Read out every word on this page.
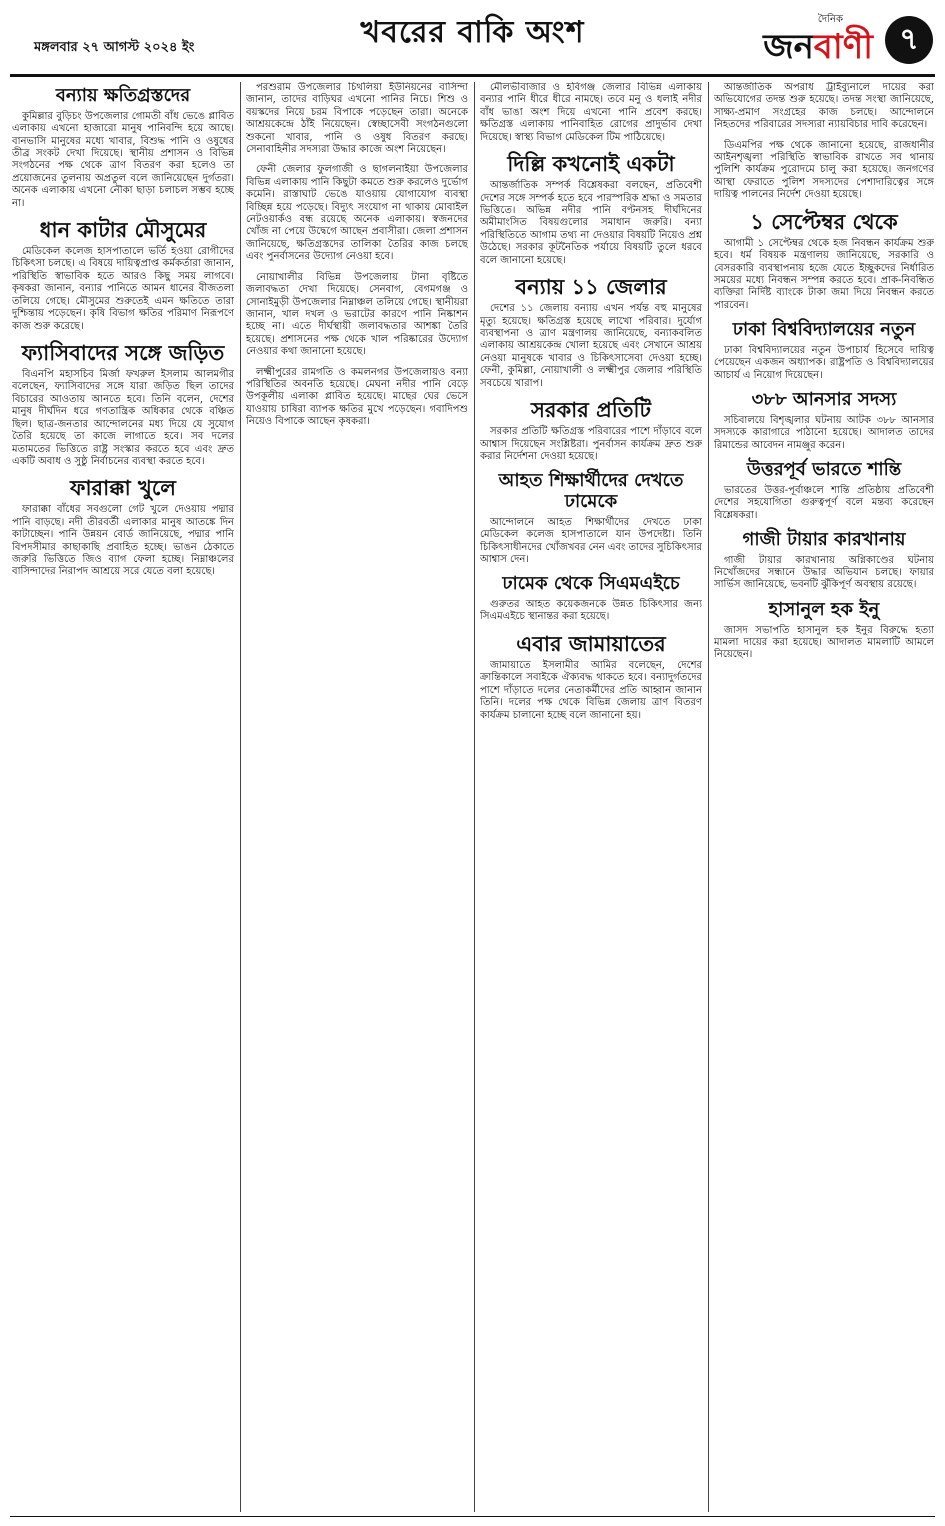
মঙ্গলবার ২৭ আগস্ট ২০২৪ ইং	খবরের বাকি অংশ	দৈনিক
জনবাণী ৭
বন্যায় ক্ষতিগ্রস্তদের
কুমিল্লার বুড়িচং উপজেলার গোমতী বাঁধ ভেঙে প্লাবিত এলাকায় এখনো হাজারো মানুষ পানিবন্দি হয়ে আছে। বানভাসি মানুষের মধ্যে খাবার, বিশুদ্ধ পানি ও ওষুধের তীব্র সংকট দেখা দিয়েছে। স্থানীয় প্রশাসন ও বিভিন্ন সংগঠনের পক্ষ থেকে ত্রাণ বিতরণ করা হলেও তা প্রয়োজনের তুলনায় অপ্রতুল বলে জানিয়েছেন দুর্গতরা। অনেক এলাকায় এখনো নৌকা ছাড়া চলাচল সম্ভব হচ্ছে না।
ধান কাটার মৌসুমের
মেডিকেল কলেজ হাসপাতালে ভর্তি হওয়া রোগীদের চিকিৎসা চলছে। এ বিষয়ে দায়িত্বপ্রাপ্ত কর্মকর্তারা জানান, পরিস্থিতি স্বাভাবিক হতে আরও কিছু সময় লাগবে। কৃষকরা জানান, বন্যার পানিতে আমন ধানের বীজতলা তলিয়ে গেছে। মৌসুমের শুরুতেই এমন ক্ষতিতে তারা দুশ্চিন্তায় পড়েছেন। কৃষি বিভাগ ক্ষতির পরিমাণ নিরূপণে কাজ শুরু করেছে।
ফ্যাসিবাদের সঙ্গে জড়িত
বিএনপি মহাসচিব মির্জা ফখরুল ইসলাম আলমগীর বলেছেন, ফ্যাসিবাদের সঙ্গে যারা জড়িত ছিল তাদের বিচারের আওতায় আনতে হবে। তিনি বলেন, দেশের মানুষ দীর্ঘদিন ধরে গণতান্ত্রিক অধিকার থেকে বঞ্চিত ছিল। ছাত্র-জনতার আন্দোলনের মধ্য দিয়ে যে সুযোগ তৈরি হয়েছে তা কাজে লাগাতে হবে। সব দলের মতামতের ভিত্তিতে রাষ্ট্র সংস্কার করতে হবে এবং দ্রুত একটি অবাধ ও সুষ্ঠু নির্বাচনের ব্যবস্থা করতে হবে।
ফারাক্কা খুলে
ফারাক্কা বাঁধের সবগুলো গেট খুলে দেওয়ায় পদ্মার পানি বাড়ছে। নদী তীরবর্তী এলাকার মানুষ আতঙ্কে দিন কাটাচ্ছেন। পানি উন্নয়ন বোর্ড জানিয়েছে, পদ্মার পানি বিপদসীমার কাছাকাছি প্রবাহিত হচ্ছে। ভাঙন ঠেকাতে জরুরি ভিত্তিতে জিও ব্যাগ ফেলা হচ্ছে। নিম্নাঞ্চলের বাসিন্দাদের নিরাপদ আশ্রয়ে সরে যেতে বলা হয়েছে।
পরশুরাম উপজেলার চিথলিয়া ইউনিয়নের বাসিন্দা জানান, তাদের বাড়িঘর এখনো পানির নিচে। শিশু ও বয়স্কদের নিয়ে চরম বিপাকে পড়েছেন তারা। অনেকে আশ্রয়কেন্দ্রে ঠাঁই নিয়েছেন। স্বেচ্ছাসেবী সংগঠনগুলো শুকনো খাবার, পানি ও ওষুধ বিতরণ করছে। সেনাবাহিনীর সদস্যরা উদ্ধার কাজে অংশ নিয়েছেন।
ফেনী জেলার ফুলগাজী ও ছাগলনাইয়া উপজেলার বিভিন্ন এলাকায় পানি কিছুটা কমতে শুরু করলেও দুর্ভোগ কমেনি। রাস্তাঘাট ভেঙে যাওয়ায় যোগাযোগ ব্যবস্থা বিচ্ছিন্ন হয়ে পড়েছে। বিদ্যুৎ সংযোগ না থাকায় মোবাইল নেটওয়ার্কও বন্ধ রয়েছে অনেক এলাকায়। স্বজনদের খোঁজ না পেয়ে উদ্বেগে আছেন প্রবাসীরা। জেলা প্রশাসন জানিয়েছে, ক্ষতিগ্রস্তদের তালিকা তৈরির কাজ চলছে এবং পুনর্বাসনের উদ্যোগ নেওয়া হবে।
নোয়াখালীর বিভিন্ন উপজেলায় টানা বৃষ্টিতে জলাবদ্ধতা দেখা দিয়েছে। সেনবাগ, বেগমগঞ্জ ও সোনাইমুড়ী উপজেলার নিম্নাঞ্চল তলিয়ে গেছে। স্থানীয়রা জানান, খাল দখল ও ভরাটের কারণে পানি নিষ্কাশন হচ্ছে না। এতে দীর্ঘস্থায়ী জলাবদ্ধতার আশঙ্কা তৈরি হয়েছে। প্রশাসনের পক্ষ থেকে খাল পরিষ্কারের উদ্যোগ নেওয়ার কথা জানানো হয়েছে।
লক্ষ্মীপুরের রামগতি ও কমলনগর উপজেলায়ও বন্যা পরিস্থিতির অবনতি হয়েছে। মেঘনা নদীর পানি বেড়ে উপকূলীয় এলাকা প্লাবিত হয়েছে। মাছের ঘের ভেসে যাওয়ায় চাষিরা ব্যাপক ক্ষতির মুখে পড়েছেন। গবাদিপশু নিয়েও বিপাকে আছেন কৃষকরা।
মৌলভীবাজার ও হবিগঞ্জ জেলার বিভিন্ন এলাকায় বন্যার পানি ধীরে ধীরে নামছে। তবে মনু ও ধলাই নদীর বাঁধ ভাঙা অংশ দিয়ে এখনো পানি প্রবেশ করছে। ক্ষতিগ্রস্ত এলাকায় পানিবাহিত রোগের প্রাদুর্ভাব দেখা দিয়েছে। স্বাস্থ্য বিভাগ মেডিকেল টিম পাঠিয়েছে।
দিল্লি কখনোই একটা
আন্তর্জাতিক সম্পর্ক বিশ্লেষকরা বলছেন, প্রতিবেশী দেশের সঙ্গে সম্পর্ক হতে হবে পারস্পরিক শ্রদ্ধা ও সমতার ভিত্তিতে। অভিন্ন নদীর পানি বণ্টনসহ দীর্ঘদিনের অমীমাংসিত বিষয়গুলোর সমাধান জরুরি। বন্যা পরিস্থিতিতে আগাম তথ্য না দেওয়ার বিষয়টি নিয়েও প্রশ্ন উঠেছে। সরকার কূটনৈতিক পর্যায়ে বিষয়টি তুলে ধরবে বলে জানানো হয়েছে।
বন্যায় ১১ জেলার
দেশের ১১ জেলায় বন্যায় এখন পর্যন্ত বহু মানুষের মৃত্যু হয়েছে। ক্ষতিগ্রস্ত হয়েছে লাখো পরিবার। দুর্যোগ ব্যবস্থাপনা ও ত্রাণ মন্ত্রণালয় জানিয়েছে, বন্যাকবলিত এলাকায় আশ্রয়কেন্দ্র খোলা হয়েছে এবং সেখানে আশ্রয় নেওয়া মানুষকে খাবার ও চিকিৎসাসেবা দেওয়া হচ্ছে। ফেনী, কুমিল্লা, নোয়াখালী ও লক্ষ্মীপুর জেলার পরিস্থিতি সবচেয়ে খারাপ।
সরকার প্রতিটি
সরকার প্রতিটি ক্ষতিগ্রস্ত পরিবারের পাশে দাঁড়াবে বলে আশ্বাস দিয়েছেন সংশ্লিষ্টরা। পুনর্বাসন কার্যক্রম দ্রুত শুরু করার নির্দেশনা দেওয়া হয়েছে।
আহত শিক্ষার্থীদের দেখতে ঢামেকে
আন্দোলনে আহত শিক্ষার্থীদের দেখতে ঢাকা মেডিকেল কলেজ হাসপাতালে যান উপদেষ্টা। তিনি চিকিৎসাধীনদের খোঁজখবর নেন এবং তাদের সুচিকিৎসার আশ্বাস দেন।
ঢামেক থেকে সিএমএইচে
গুরুতর আহত কয়েকজনকে উন্নত চিকিৎসার জন্য সিএমএইচে স্থানান্তর করা হয়েছে।
এবার জামায়াতের
জামায়াতে ইসলামীর আমির বলেছেন, দেশের ক্রান্তিকালে সবাইকে ঐক্যবদ্ধ থাকতে হবে। বন্যাদুর্গতদের পাশে দাঁড়াতে দলের নেতাকর্মীদের প্রতি আহ্বান জানান তিনি। দলের পক্ষ থেকে বিভিন্ন জেলায় ত্রাণ বিতরণ কার্যক্রম চালানো হচ্ছে বলে জানানো হয়।
আন্তর্জাতিক অপরাধ ট্রাইব্যুনালে দায়ের করা অভিযোগের তদন্ত শুরু হয়েছে। তদন্ত সংস্থা জানিয়েছে, সাক্ষ্য-প্রমাণ সংগ্রহের কাজ চলছে। আন্দোলনে নিহতদের পরিবারের সদস্যরা ন্যায়বিচার দাবি করেছেন।
ডিএমপির পক্ষ থেকে জানানো হয়েছে, রাজধানীর আইনশৃঙ্খলা পরিস্থিতি স্বাভাবিক রাখতে সব থানায় পুলিশি কার্যক্রম পুরোদমে চালু করা হয়েছে। জনগণের আস্থা ফেরাতে পুলিশ সদস্যদের পেশাদারিত্বের সঙ্গে দায়িত্ব পালনের নির্দেশ দেওয়া হয়েছে।
১ সেপ্টেম্বর থেকে
আগামী ১ সেপ্টেম্বর থেকে হজ নিবন্ধন কার্যক্রম শুরু হবে। ধর্ম বিষয়ক মন্ত্রণালয় জানিয়েছে, সরকারি ও বেসরকারি ব্যবস্থাপনায় হজে যেতে ইচ্ছুকদের নির্ধারিত সময়ের মধ্যে নিবন্ধন সম্পন্ন করতে হবে। প্রাক-নিবন্ধিত ব্যক্তিরা নির্দিষ্ট ব্যাংকে টাকা জমা দিয়ে নিবন্ধন করতে পারবেন।
ঢাকা বিশ্ববিদ্যালয়ের নতুন
ঢাকা বিশ্ববিদ্যালয়ের নতুন উপাচার্য হিসেবে দায়িত্ব পেয়েছেন একজন অধ্যাপক। রাষ্ট্রপতি ও বিশ্ববিদ্যালয়ের আচার্য এ নিয়োগ দিয়েছেন।
৩৮৮ আনসার সদস্য
সচিবালয়ে বিশৃঙ্খলার ঘটনায় আটক ৩৮৮ আনসার সদস্যকে কারাগারে পাঠানো হয়েছে। আদালত তাদের রিমান্ডের আবেদন নামঞ্জুর করেন।
উত্তরপূর্ব ভারতে শান্তি
ভারতের উত্তর-পূর্বাঞ্চলে শান্তি প্রতিষ্ঠায় প্রতিবেশী দেশের সহযোগিতা গুরুত্বপূর্ণ বলে মন্তব্য করেছেন বিশ্লেষকরা।
গাজী টায়ার কারখানায়
গাজী টায়ার কারখানায় অগ্নিকাণ্ডের ঘটনায় নিখোঁজদের সন্ধানে উদ্ধার অভিযান চলছে। ফায়ার সার্ভিস জানিয়েছে, ভবনটি ঝুঁকিপূর্ণ অবস্থায় রয়েছে।
হাসানুল হক ইনু
জাসদ সভাপতি হাসানুল হক ইনুর বিরুদ্ধে হত্যা মামলা দায়ের করা হয়েছে। আদালত মামলাটি আমলে নিয়েছেন।
